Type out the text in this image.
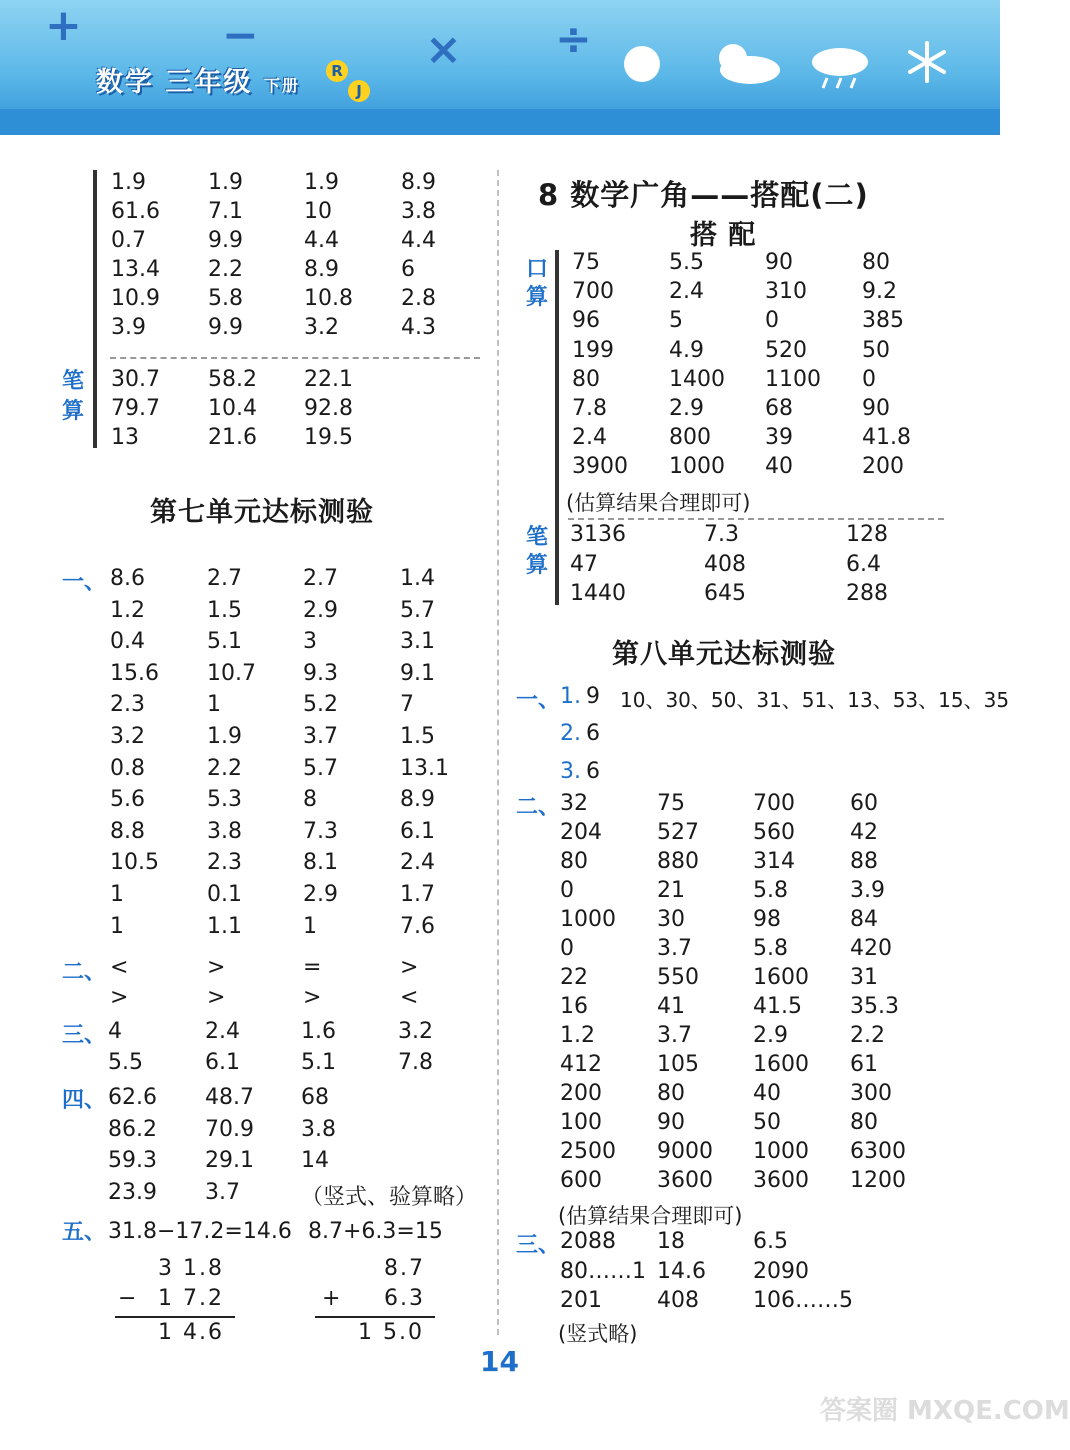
+	−	× ÷
数学 三年级 下册
R
J
笔
算
1.9	1.9	1.9	8.9
61.6 7.1	10	3.8
0.7	9.9	4.4	4.4
13.4 2.2	8.9	6
10.9 5.8	10.8 2.8
3.9	9.9	3.2	4.3
30.7 58.2 22.1
79.7 10.4 92.8
13	21.6 19.5
第七单元达标测验
一、 8.6	2.7	2.7	1.4
1.2	1.5	2.9	5.7
0.4	5.1	3	3.1
15.6 10.7 9.3	9.1
2.3	1	5.2	7
3.2	1.9	3.7	1.5
0.8	2.2	5.7	13.1
5.6	5.3	8	8.9
8.8	3.8	7.3	6.1
10.5 2.3	8.1	2.4
1	0.1	2.9	1.7
1	1.1	1	7.6
二、 <	>	=	>
>	>	>	<
三、 4	2.4	1.6	3.2
5.5	6.1	5.1	7.8
四、 62.6 48.7 68
86.2 70.9 3.8
59.3 29.1 14
23.9 3.7	（竖式、验算略）
五、 31.8−17.2=14.6 8.7+6.3=15
3 1.8
− 1 7.2
1 4.6
8.7
+ 6.3
1 5.0
8 数学广角——搭配(二)
搭 配
口
算
75	5.5	90	80
700	2.4	310	9.2
96	5	0	385
199	4.9	520	50
80	1400 1100 0
7.8	2.9	68	90
2.4	800 39	41.8
3900 1000 40	200
(估算结果合理即可)
笔
算
3136	7.3	128
47	408	6.4
1440	645	288
第八单元达标测验
一、 1. 9 10、30、50、31、51、13、53、15、35
2. 6
3. 6
二、 32	75	700	60
204	527 560	42
80	880 314	88
0	21	5.8	3.9
1000 30	98	84
0	3.7	5.8	420
22	550 1600 31
16	41	41.5 35.3
1.2	3.7	2.9	2.2
412	105 1600 61
200	80	40	300
100	90	50	80
2500 9000 1000 6300
600	3600 3600 1200
(估算结果合理即可)
三、 2088 18	6.5
80……1 14.6 2090
201	408 106……5
(竖式略)
14
答案圈 MXQE.COM
